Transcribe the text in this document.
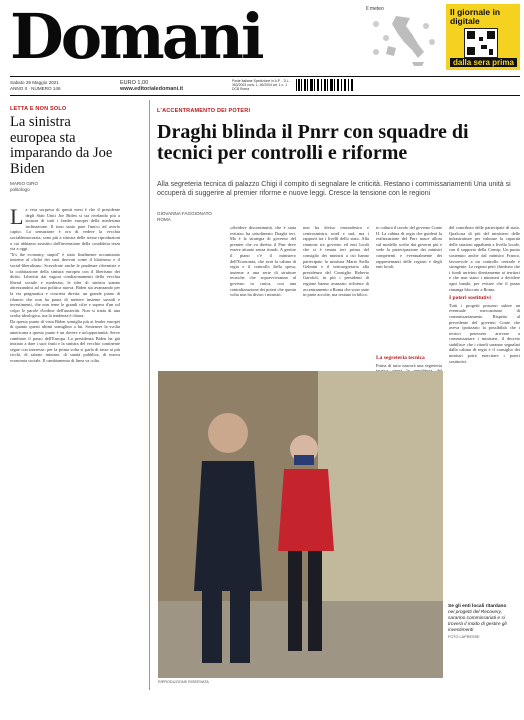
Domani	Il meteo	Il giornale in digitale
dalla sera prima
Sabato 29 Maggio 2021
ANNO II · NUMERO 146
EURO 1,00
www.editorialedomani.it
Poste Italiane Spedizione in A.P. - D.L. 353/2003 conv. L. 46/2004 art. 1 c. 1 DCB Roma
LETTA E NON SOLO
La sinistra europea sta imparando da Joe Biden
MARIO GIRO
politologo
L a vera sorpresa di questi mesi è che il presidente degli Stati Uniti Joe Biden si sta rivelando più a sinistra di tutti i leader europei della medesima inclinazione. Il tono tanto pare l'unico ad averlo capito. La sensazione è ora di vedere la vecchia socialdemocrazia, sono più a sinistra delle stesse riproduzioni a cui abbiamo assistito dall'invenzione della cosiddetta terza via a oggi.
"It's the economy, stupid" è stato finalmente accantonato insieme al cliché dei suoi derivati come il blairismo e il social-liberalismo. Scavalcate anche le prudenze riformiste e la coabitazione della sinistra europea con il liberismo dei diritti. Liberisti dai vagoni condizionamenti della vecchia liberal sociale e moderata, le idee di sinistra stanno attrezzandosi ad una politica nuova. Biden sta avanzando per la via pragmatica e concreta diretta: un grande piano di rilancio che non ha paura di mettere insieme sussidi e investimenti, che non teme le grandi cifre e supera d'un sol colpo le parole d'ordine dell'austerità. Non si tratta di una svolta ideologica, ma la tendenza è chiara.
Da questo punto di vista Biden somiglia più ai leader europei di quanto questi ultimi somiglino a lui. Sostenere la svolta americana a questo punto è un dovere e un'opportunità. Serve cambiare il passo dell'Europa. La presidenza Biden ha già iniziato a dare i suoi frutti e la sinistra del vecchio continente segue con interesse: per la prima volta si parla di tasse ai più ricchi, di salario minimo, di sanità pubblica, di nuova economia sociale. Il cambiamento di linea va colto.
L'ACCENTRAMENTO DEI POTERI
Draghi blinda il Pnrr con squadre di tecnici per controlli e riforme
Alla segreteria tecnica di palazzo Chigi il compito di segnalare le criticità. Restano i commissariamenti Una unità si occuperà di suggerire al premier riforme e nuove leggi. Cresce la tensione con le regioni
GIOVANNA FAGGIONATO
ROMA
«dividere discontinuità, che è stata evitata» ha sottolineato Draghi ieri. Ma è la strategia di governo del premier che va diretta: il Pnrr deve essere attuato senza ritardi. A gestire il piano c'è il ministero dell'Economia, che avrà la cabina di regia e il controllo della spesa, insieme a una serie di strutture tecniche che sopravvivranno al governo in carica, con una centralizzazione dei poteri che questa volta non ha diviso i ministri.
non ha diviso centrodestra e centrosinistra, nord e sud, ma i rapporti tra i livelli dello stato. Alla riunione tra governo ed enti locali che si è tenuta ieri prima del consiglio dei ministri a cui hanno partecipato la ministra Maria Stella Gelmini e il sottosegretario alla presidenza del Consiglio Roberto Garofoli, in più i presidenti di regione hanno avanzato richieste di accentramento a Roma che sono state in parte accolte, ma restano in bilico.
to cultura il tavolo del governo Conte II. La cabina di regia che guiderà la realizzazione del Pnrr nasce allora sul modello scelto dai governi più e vede la partecipazione dei ministri competenti e eventualmente dei rappresentanti delle regioni e degli enti locali.
del contributo delle partecipate di stato. Qualcosa di più del ministero delle infrastrutture per valutare la capacità delle stazioni appaltanti a livello locale, con il supporto della Consip. Un punto sostenuto anche dal ministro Franco, favorevole a un controllo centrale e stringente. Le regioni però chiedono che i fondi arrivino direttamente ai territori e che non siano i ministeri a decidere ogni bando, per evitare che il piano rimanga bloccato a Roma.
I poteri sostitutivi
Tutti i progetti possono subire un eventuale meccanismo di commissariamento. Rispetto al precedente del governo Conte che aveva ipotizzato la possibilità che i tecnici potessero arrivare a commissariare i ministeri, il decreto stabilisce che i ritardi saranno segnalati dalla cabina di regia e il consiglio dei ministri potrà esercitare i poteri sostitutivi.
La segreteria tecnica
Prima di tutto nascerà una segreteria
Se gli enti locali ritardano
nei progetti del Recovery, saranno commissariati e si troverà il modo di gestire gli investimenti
FOTO LAPRESSE
RIPRODUZIONE RISERVATA
